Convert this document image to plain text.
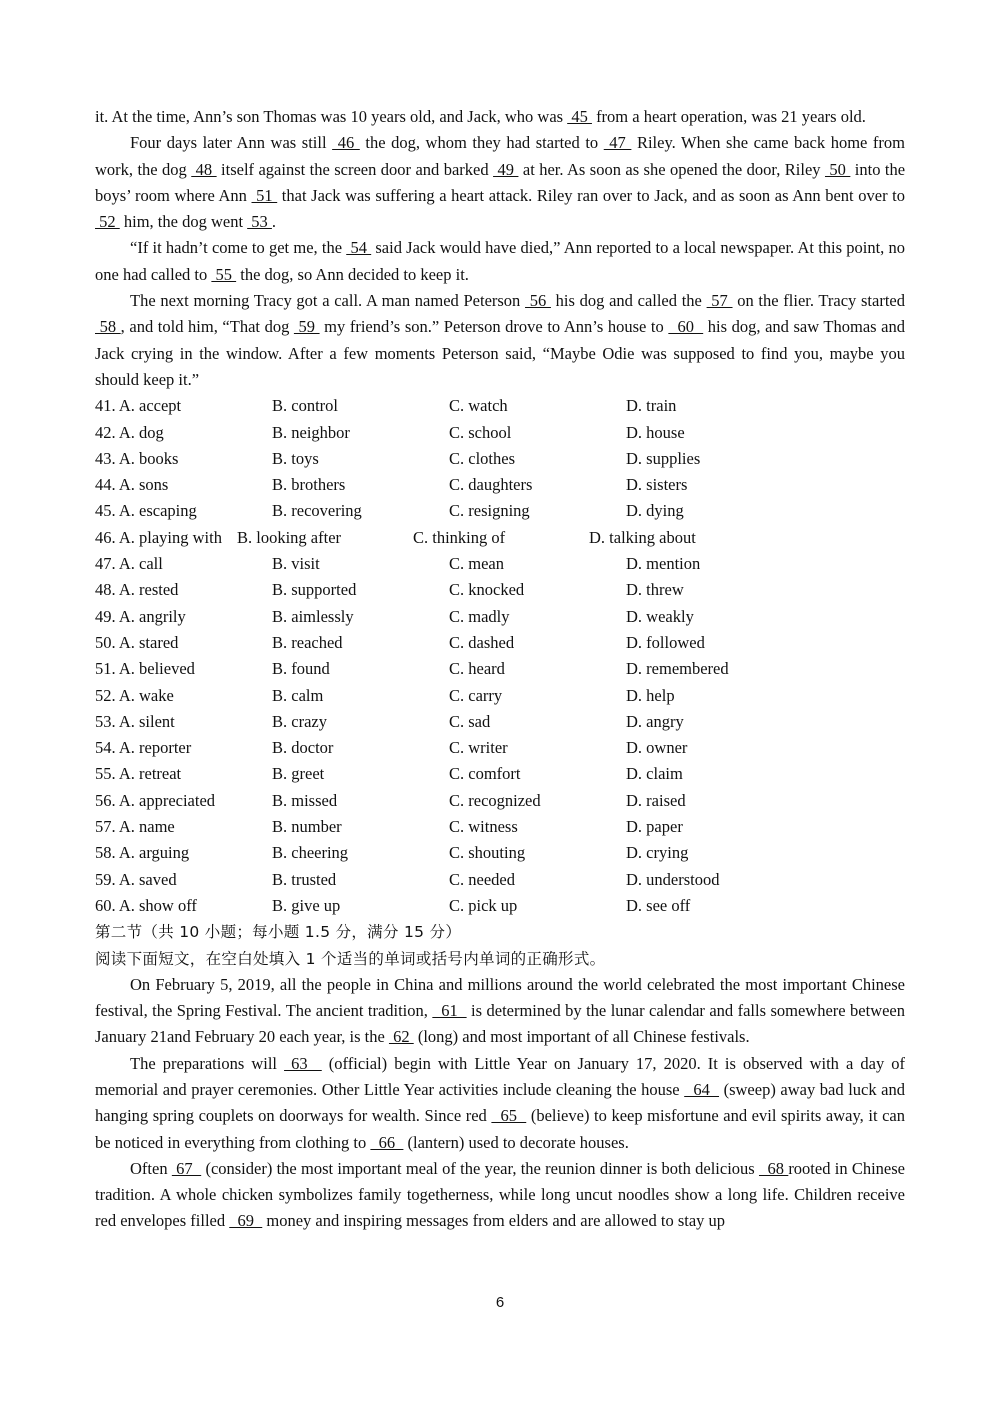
it. At the time, Ann’s son Thomas was 10 years old, and Jack, who was  45  from a heart operation, was 21 years old.

Four days later Ann was still  46  the dog, whom they had started to  47  Riley. When she came back home from work, the dog  48  itself against the screen door and barked  49  at her. As soon as she opened the door, Riley  50  into the boys’ room where Ann  51  that Jack was suffering a heart attack. Riley ran over to Jack, and as soon as Ann bent over to  52  him, the dog went  53 .

“If it hadn’t come to get me, the  54  said Jack would have died,” Ann reported to a local newspaper. At this point, no one had called to  55  the dog, so Ann decided to keep it.

The next morning Tracy got a call. A man named Peterson  56  his dog and called the  57  on the flier. Tracy started  58 , and told him, “That dog  59  my friend’s son.” Peterson drove to Ann’s house to   60   his dog, and saw Thomas and Jack crying in the window. After a few moments Peterson said, “Maybe Odie was supposed to find you, maybe you should keep it.”

41. A. accept	B. control	C. watch	D. train
42. A. dog	B. neighbor	C. school	D. house
43. A. books	B. toys	C. clothes	D. supplies
44. A. sons	B. brothers	C. daughters	D. sisters
45. A. escaping	B. recovering	C. resigning	D. dying
46. A. playing with B. looking after	C. thinking of	D. talking about
47. A. call	B. visit	C. mean	D. mention
48. A. rested	B. supported	C. knocked	D. threw
49. A. angrily	B. aimlessly	C. madly	D. weakly
50. A. stared	B. reached	C. dashed	D. followed
51. A. believed	B. found	C. heard	D. remembered
52. A. wake	B. calm	C. carry	D. help
53. A. silent	B. crazy	C. sad	D. angry
54. A. reporter	B. doctor	C. writer	D. owner
55. A. retreat	B. greet	C. comfort	D. claim
56. A. appreciated	B. missed	C. recognized	D. raised
57. A. name	B. number	C. witness	D. paper
58. A. arguing	B. cheering	C. shouting	D. crying
59. A. saved	B. trusted	C. needed	D. understood
60. A. show off	B. give up	C. pick up	D. see off
第二节（共 10 小题；每小题 1.5 分，满分 15 分）
阅读下面短文，在空白处填入 1 个适当的单词或括号内单词的正确形式。

On February 5, 2019, all the people in China and millions around the world celebrated the most important Chinese festival, the Spring Festival. The ancient tradition,   61   is determined by the lunar calendar and falls somewhere between January 21and February 20 each year, is the  62  (long) and most important of all Chinese festivals.

The preparations will  63   (official) begin with Little Year on January 17, 2020. It is observed with a day of memorial and prayer ceremonies. Other Little Year activities include cleaning the house   64   (sweep) away bad luck and hanging spring couplets on doorways for wealth. Since red   65   (believe) to keep misfortune and evil spirits away, it can be noticed in everything from clothing to   66   (lantern) used to decorate houses.

Often  67   (consider) the most important meal of the year, the reunion dinner is both delicious   68 rooted in Chinese tradition. A whole chicken symbolizes family togetherness, while long uncut noodles show a long life. Children receive red envelopes filled   69   money and inspiring messages from elders and are allowed to stay up

6
